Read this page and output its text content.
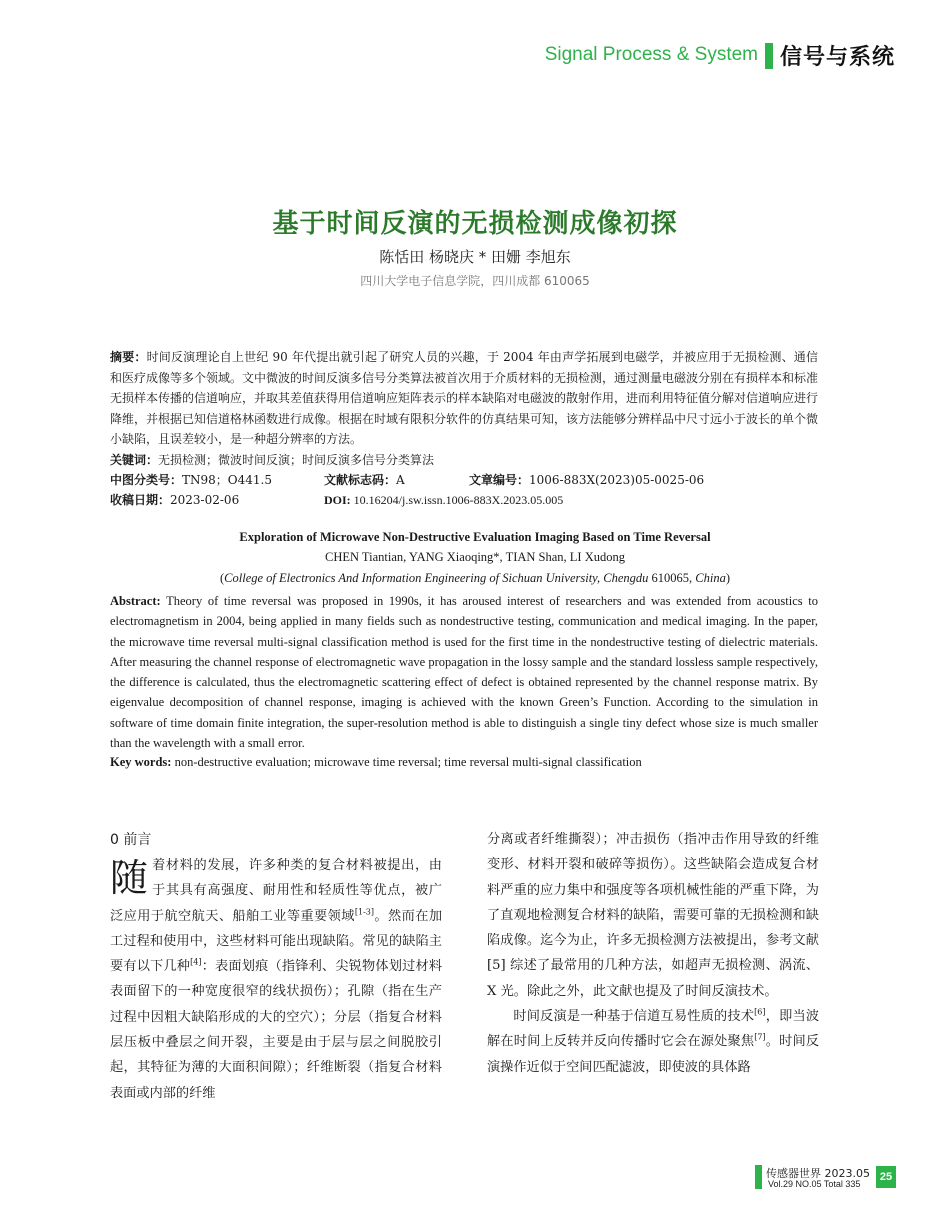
Signal Process & System 信号与系统
基于时间反演的无损检测成像初探
陈恬田 杨晓庆 * 田姗 李旭东
四川大学电子信息学院，四川成都 610065
摘要：时间反演理论自上世纪 90 年代提出就引起了研究人员的兴趣，于 2004 年由声学拓展到电磁学，并被应用于无损检测、通信和医疗成像等多个领域。文中微波的时间反演多信号分类算法被首次用于介质材料的无损检测，通过测量电磁波分别在有损样本和标准无损样本传播的信道响应，并取其差值获得用信道响应矩阵表示的样本缺陷对电磁波的散射作用，进而利用特征值分解对信道响应进行降维，并根据已知信道格林函数进行成像。根据在时域有限积分软件的仿真结果可知，该方法能够分辨样品中尺寸远小于波长的单个微小缺陷，且误差较小，是一种超分辨率的方法。
关键词：无损检测；微波时间反演；时间反演多信号分类算法
中图分类号：TN98；O441.5	文献标志码：A	文章编号：1006-883X(2023)05-0025-06
收稿日期：2023-02-06	DOI: 10.16204/j.sw.issn.1006-883X.2023.05.005
Exploration of Microwave Non-Destructive Evaluation Imaging Based on Time Reversal
CHEN Tiantian, YANG Xiaoqing*, TIAN Shan, LI Xudong
(College of Electronics And Information Engineering of Sichuan University, Chengdu 610065, China)
Abstract: Theory of time reversal was proposed in 1990s, it has aroused interest of researchers and was extended from acoustics to electromagnetism in 2004, being applied in many fields such as nondestructive testing, communication and medical imaging. In the paper, the microwave time reversal multi-signal classification method is used for the first time in the nondestructive testing of dielectric materials. After measuring the channel response of electromagnetic wave propagation in the lossy sample and the standard lossless sample respectively, the difference is calculated, thus the electromagnetic scattering effect of defect is obtained represented by the channel response matrix. By eigenvalue decomposition of channel response, imaging is achieved with the known Green’s Function. According to the simulation in software of time domain finite integration, the super-resolution method is able to distinguish a single tiny defect whose size is much smaller than the wavelength with a small error.
Key words: non-destructive evaluation; microwave time reversal; time reversal multi-signal classification
0 前言
随着材料的发展，许多种类的复合材料被提出，由于其具有高强度、耐用性和轻质性等优点，被广泛应用于航空航天、船舶工业等重要领域[1-3]。然而在加工过程和使用中，这些材料可能出现缺陷。常见的缺陷主要有以下几种[4]：表面划痕（指锋利、尖锐物体划过材料表面留下的一种宽度很窄的线状损伤）；孔隙（指在生产过程中因粗大缺陷形成的大的空穴）；分层（指复合材料层压板中叠层之间开裂，主要是由于层与层之间脱胶引起，其特征为薄的大面积间隙）；纤维断裂（指复合材料表面或内部的纤维
分离或者纤维撕裂）；冲击损伤（指冲击作用导致的纤维变形、材料开裂和破碎等损伤）。这些缺陷会造成复合材料严重的应力集中和强度等各项机械性能的严重下降，为了直观地检测复合材料的缺陷，需要可靠的无损检测和缺陷成像。迄今为止，许多无损检测方法被提出，参考文献 [5] 综述了最常用的几种方法，如超声无损检测、涡流、X 光。除此之外，此文献也提及了时间反演技术。
时间反演是一种基于信道互易性质的技术[6]，即当波解在时间上反转并反向传播时它会在源处聚焦[7]。时间反演操作近似于空间匹配滤波，即使波的具体路
传感器世界 2023.05
Vol.29 NO.05 Total 335
25
